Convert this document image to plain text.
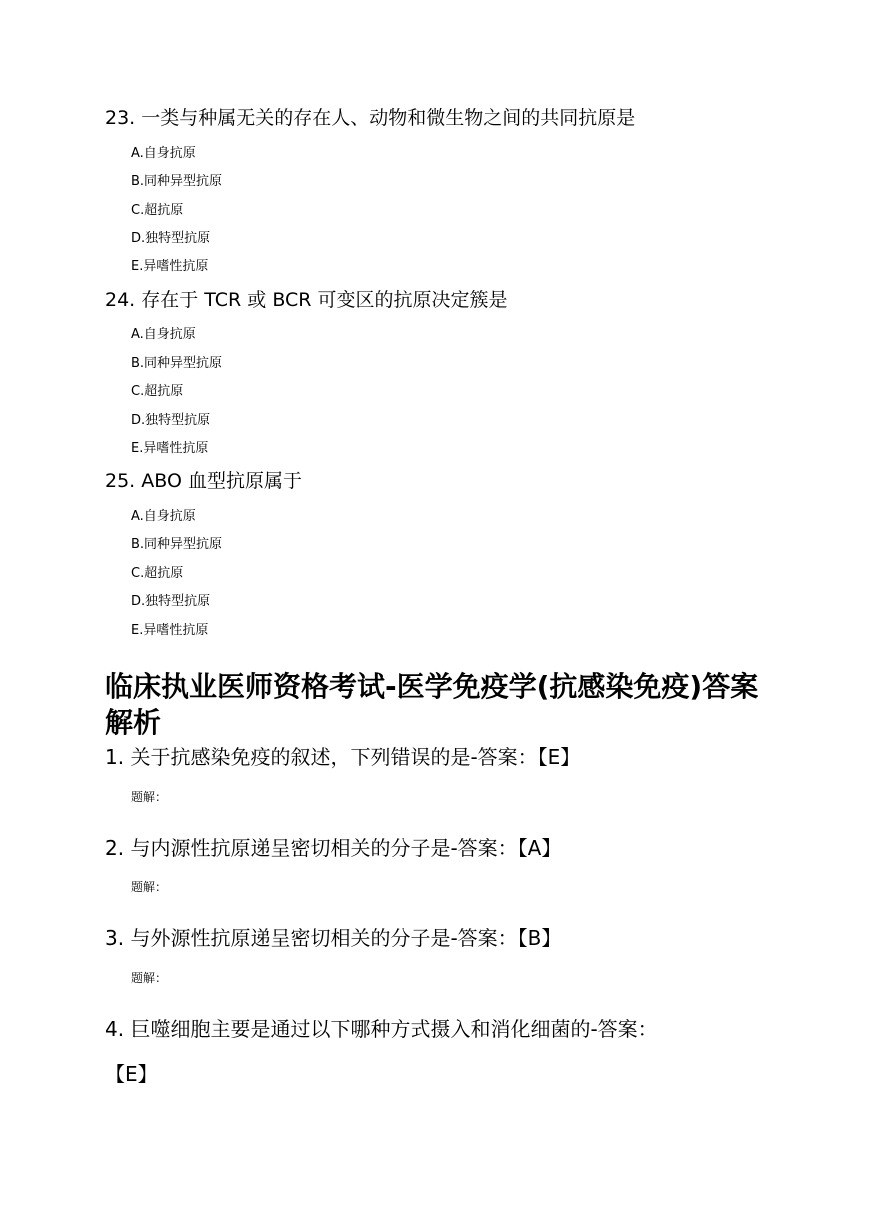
23. 一类与种属无关的存在人、动物和微生物之间的共同抗原是
A.自身抗原
B.同种异型抗原
C.超抗原
D.独特型抗原
E.异嗜性抗原
24. 存在于 TCR 或 BCR 可变区的抗原决定簇是
A.自身抗原
B.同种异型抗原
C.超抗原
D.独特型抗原
E.异嗜性抗原
25. ABO 血型抗原属于
A.自身抗原
B.同种异型抗原
C.超抗原
D.独特型抗原
E.异嗜性抗原
临床执业医师资格考试-医学免疫学(抗感染免疫)答案解析
1. 关于抗感染免疫的叙述，下列错误的是-答案：【E】
题解：
2. 与内源性抗原递呈密切相关的分子是-答案：【A】
题解：
3. 与外源性抗原递呈密切相关的分子是-答案：【B】
题解：
4. 巨噬细胞主要是通过以下哪种方式摄入和消化细菌的-答案：
【E】
